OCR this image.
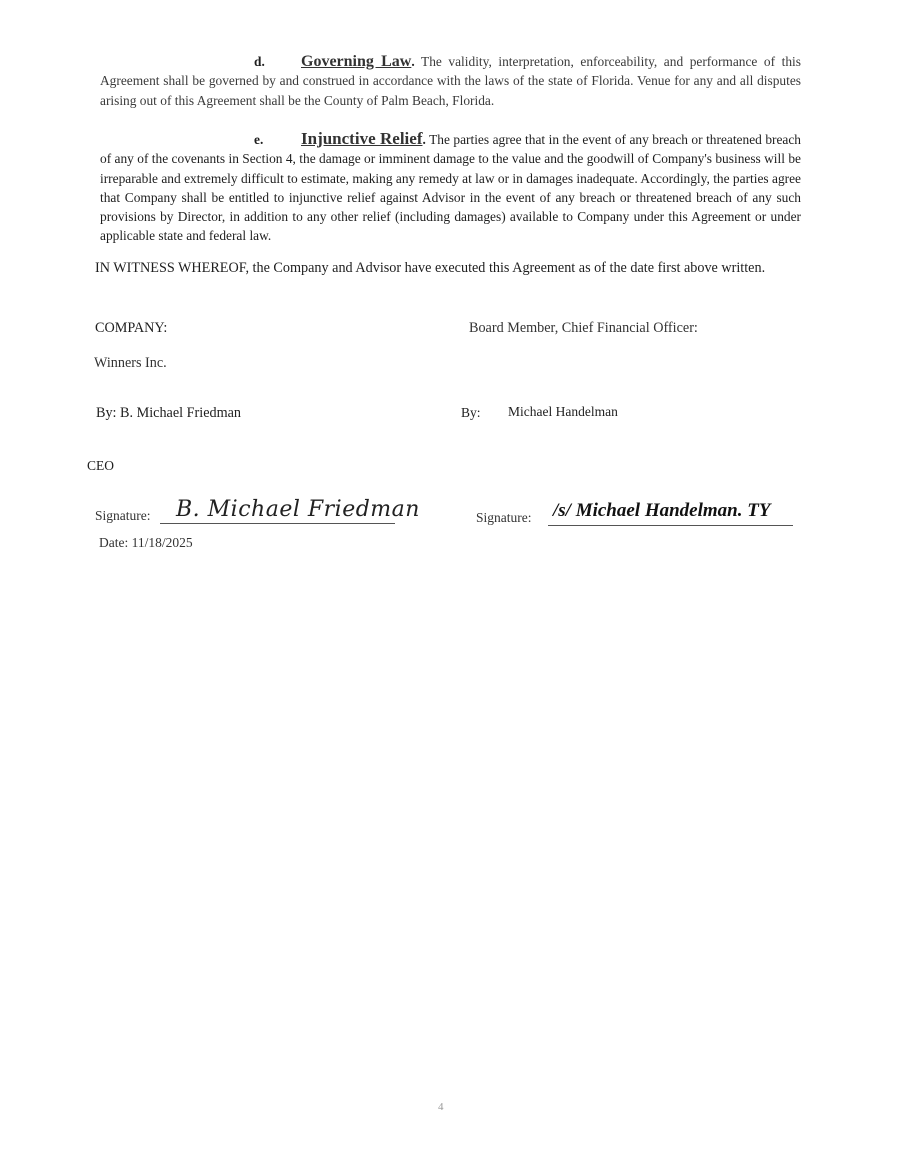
d. Governing Law. The validity, interpretation, enforceability, and performance of this Agreement shall be governed by and construed in accordance with the laws of the state of Florida. Venue for any and all disputes arising out of this Agreement shall be the County of Palm Beach, Florida.

e. Injunctive Relief. The parties agree that in the event of any breach or threatened breach of any of the covenants in Section 4, the damage or imminent damage to the value and the goodwill of Company's business will be irreparable and extremely difficult to estimate, making any remedy at law or in damages inadequate. Accordingly, the parties agree that Company shall be entitled to injunctive relief against Advisor in the event of any breach or threatened breach of any such provisions by Director, in addition to any other relief (including damages) available to Company under this Agreement or under applicable state and federal law.

IN WITNESS WHEREOF, the Company and Advisor have executed this Agreement as of the date first above written.

COMPANY:
Winners Inc.
By: B. Michael Friedman
CEO
Signature: B. Michael Friedman
Date: 11/18/2025
Board Member, Chief Financial Officer:
By: Michael Handelman
Signature: /s/ Michael Handelman. TY
4
